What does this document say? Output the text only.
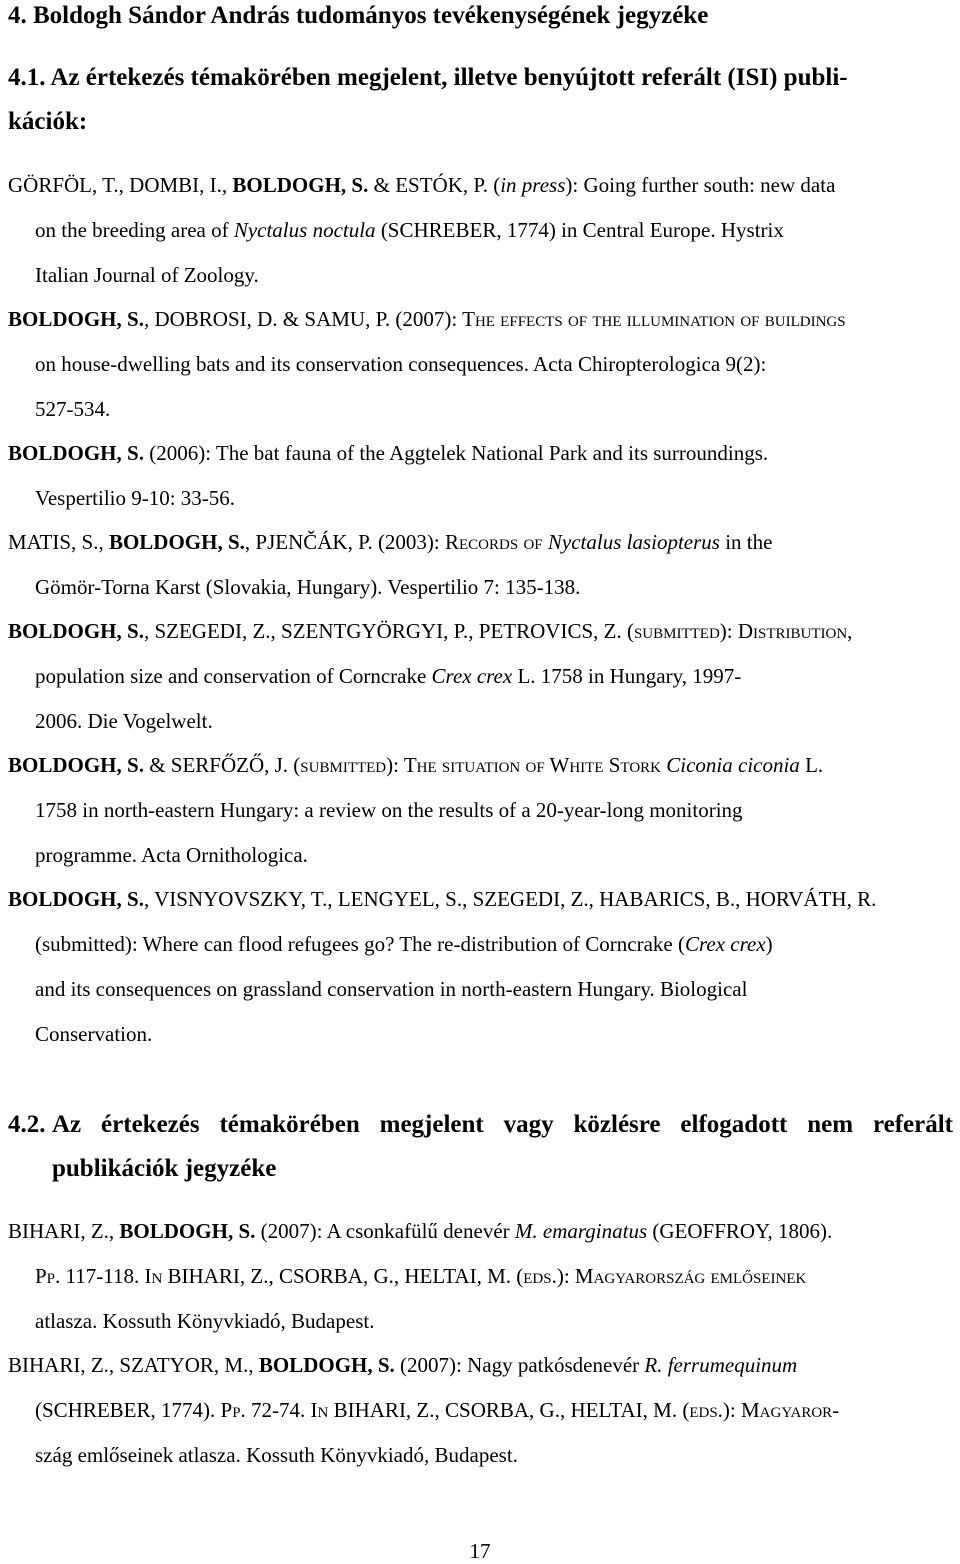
4. Boldogh Sándor András tudományos tevékenységének jegyzéke
4.1. Az értekezés témakörében megjelent, illetve benyújtott referált (ISI) publi-
kációk:
GÖRFÖL, T., DOMBI, I., BOLDOGH, S. & ESTÓK, P. (in press): Going further south: new data
on the breeding area of Nyctalus noctula (SCHREBER, 1774) in Central Europe. Hystrix
Italian Journal of Zoology.
BOLDOGH, S., DOBROSI, D. & SAMU, P. (2007): The effects of the illumination of buildings
on house-dwelling bats and its conservation consequences. Acta Chiropterologica 9(2):
527-534.
BOLDOGH, S. (2006): The bat fauna of the Aggtelek National Park and its surroundings.
Vespertilio 9-10: 33-56.
MATIS, S., BOLDOGH, S., PJENČÁK, P. (2003): Records of Nyctalus lasiopterus in the
Gömör-Torna Karst (Slovakia, Hungary). Vespertilio 7: 135-138.
BOLDOGH, S., SZEGEDI, Z., SZENTGYÖRGYI, P., PETROVICS, Z. (submitted): Distribution,
population size and conservation of Corncrake Crex crex L. 1758 in Hungary, 1997-
2006. Die Vogelwelt.
BOLDOGH, S. & SERFŐZŐ, J. (submitted): The situation of White Stork Ciconia ciconia L.
1758 in north-eastern Hungary: a review on the results of a 20-year-long monitoring
programme. Acta Ornithologica.
BOLDOGH, S., VISNYOVSZKY, T., LENGYEL, S., SZEGEDI, Z., HABARICS, B., HORVÁTH, R.
(submitted): Where can flood refugees go? The re-distribution of Corncrake (Crex crex)
and its consequences on grassland conservation in north-eastern Hungary. Biological
Conservation.
4.2. Az értekezés témakörében megjelent vagy közlésre elfogadott nem referált
publikációk jegyzéke
BIHARI, Z., BOLDOGH, S. (2007): A csonkafülű denevér M. emarginatus (GEOFFROY, 1806).
Pp. 117-118. In BIHARI, Z., CSORBA, G., HELTAI, M. (eds.): Magyarország emlőseinek
atlasza. Kossuth Könyvkiadó, Budapest.
BIHARI, Z., SZATYOR, M., BOLDOGH, S. (2007): Nagy patkósdenevér R. ferrumequinum
(SCHREBER, 1774). Pp. 72-74. In BIHARI, Z., CSORBA, G., HELTAI, M. (eds.): Magyaror-
szág emlőseinek atlasza. Kossuth Könyvkiadó, Budapest.
17
